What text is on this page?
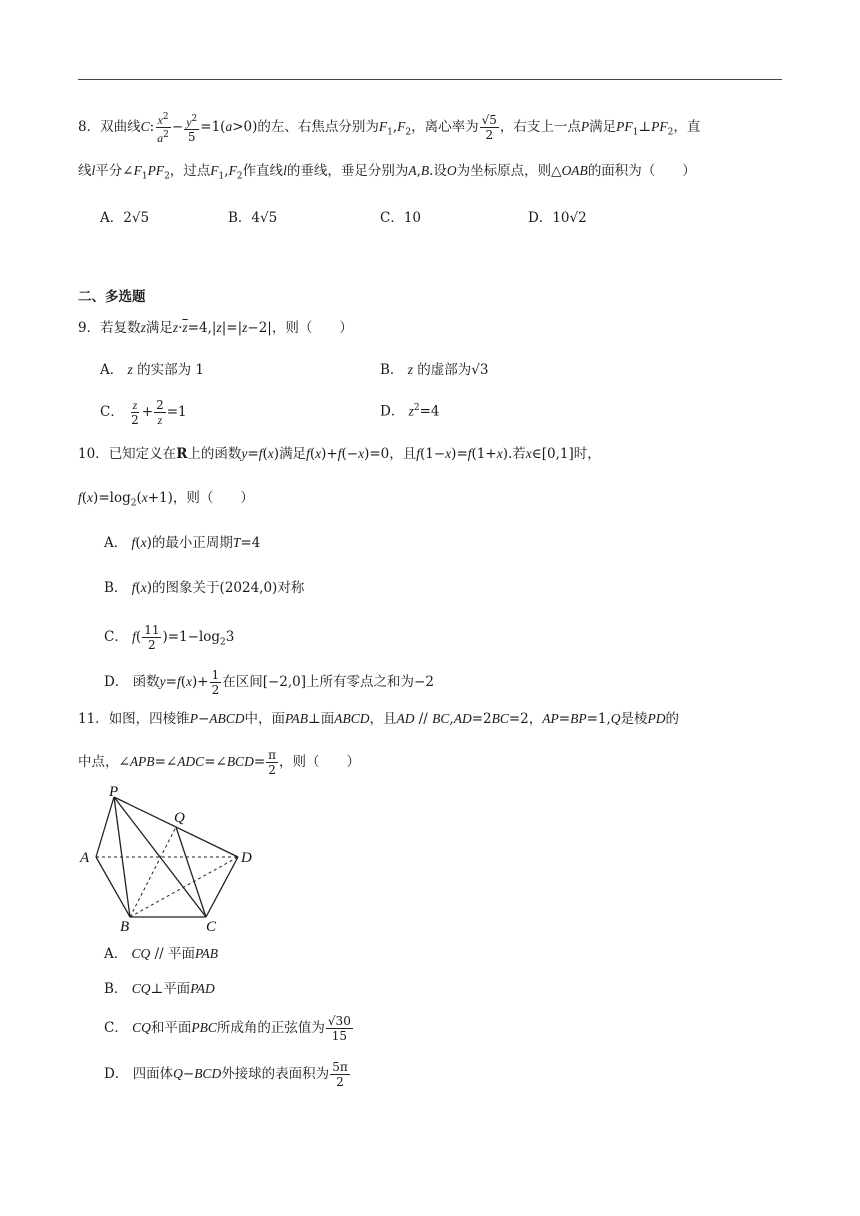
8．双曲线C: $\frac{x^2}{a^2} - \frac{y^2}{5} =1(a>0)$的左、右焦点分别为$F_1,F_2$，离心率为 $\frac{√5}{2}$ ，右支上一点P满足$PF_1\perp PF_2$，直
线l平分$\angle F_1PF_2$，过点$F_1,F_2$作直线l的垂线，垂足分别为A,B.设O为坐标原点，则△OAB的面积为（　　）
A．2√5	B．4√5	C．10	D．10√2
二、多选题
9．若复数z满足$z\cdot\overline{z}=4,|z|=|z-2|$，则（　　）
A． z 的实部为 1	B． z 的虚部为√3
C． $\frac{z}{2} + \frac{2}{z} =1$	D． $z^2=4$
10．已知定义在R上的函数y=f(x)满足f(x)+f(−x)=0，且f(1−x)=f(1+x).若x∈[0,1]时，
$f(x)=\log_2(x+1)$，则（　　）
A． f(x)的最小正周期T=4
B． f(x)的图象关于(2024,0)对称
C． $f( \frac{11}{2} )=1-\log_23$
D． 函数$y=f(x)+ \frac{1}{2}$ 在区间[−2,0]上所有零点之和为−2
11．如图，四棱锥P−ABCD中，面PAB⊥面ABCD，且AD // BC,AD=2BC=2，AP=BP=1,Q是棱PD的
中点，∠APB=∠ADC=∠BCD= $\frac{\pi}{2}$ ，则（　　）
P
Q
A	D
B	C
A． CQ // 平面PAB
B． CQ⊥平面PAD
C． CQ和平面PBC所成角的正弦值为 $\frac{√30}{15}$
D． 四面体Q−BCD外接球的表面积为 $\frac{5\pi}{2}$
